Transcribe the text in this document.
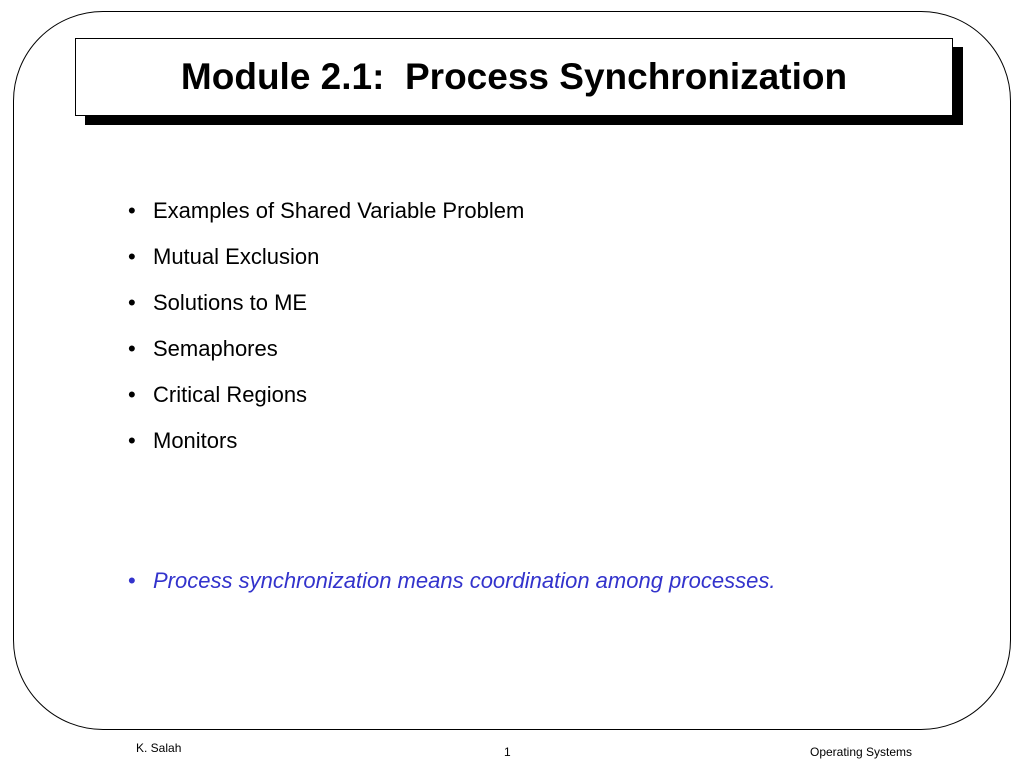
Module 2.1:  Process Synchronization
• Examples of Shared Variable Problem
• Mutual Exclusion
• Solutions to ME
• Semaphores
• Critical Regions
• Monitors
• Process synchronization means coordination among processes.
K. Salah	1	Operating Systems
